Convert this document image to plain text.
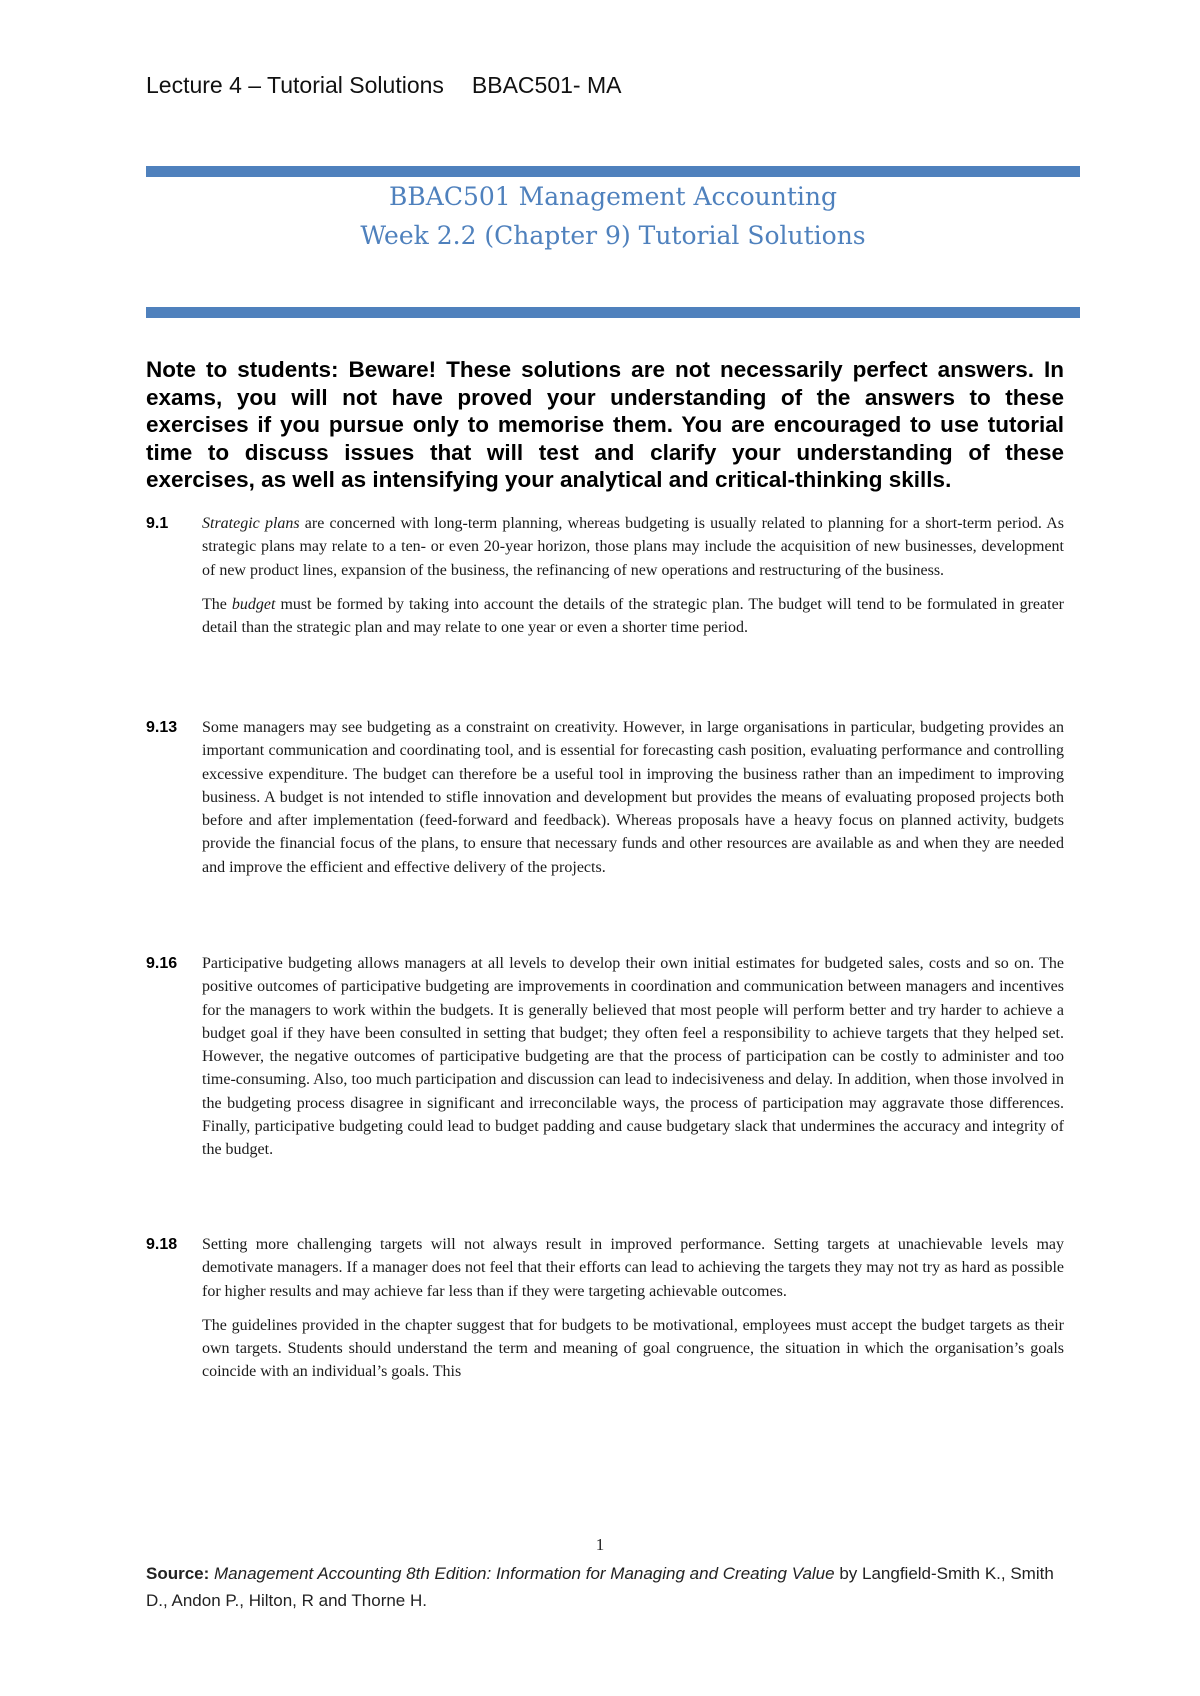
Lecture 4 – Tutorial Solutions BBAC501- MA
BBAC501 Management Accounting
Week 2.2 (Chapter 9) Tutorial Solutions
Note to students: Beware! These solutions are not necessarily perfect answers. In exams, you will not have proved your understanding of the answers to these exercises if you pursue only to memorise them. You are encouraged to use tutorial time to discuss issues that will test and clarify your understanding of these exercises, as well as intensifying your analytical and critical-thinking skills.
9.1 Strategic plans are concerned with long-term planning, whereas budgeting is usually related to planning for a short-term period. As strategic plans may relate to a ten- or even 20-year horizon, those plans may include the acquisition of new businesses, development of new product lines, expansion of the business, the refinancing of new operations and restructuring of the business.

The budget must be formed by taking into account the details of the strategic plan. The budget will tend to be formulated in greater detail than the strategic plan and may relate to one year or even a shorter time period.

9.13 Some managers may see budgeting as a constraint on creativity. However, in large organisations in particular, budgeting provides an important communication and coordinating tool, and is essential for forecasting cash position, evaluating performance and controlling excessive expenditure. The budget can therefore be a useful tool in improving the business rather than an impediment to improving business. A budget is not intended to stifle innovation and development but provides the means of evaluating proposed projects both before and after implementation (feed-forward and feedback). Whereas proposals have a heavy focus on planned activity, budgets provide the financial focus of the plans, to ensure that necessary funds and other resources are available as and when they are needed and improve the efficient and effective delivery of the projects.

9.16 Participative budgeting allows managers at all levels to develop their own initial estimates for budgeted sales, costs and so on. The positive outcomes of participative budgeting are improvements in coordination and communication between managers and incentives for the managers to work within the budgets. It is generally believed that most people will perform better and try harder to achieve a budget goal if they have been consulted in setting that budget; they often feel a responsibility to achieve targets that they helped set. However, the negative outcomes of participative budgeting are that the process of participation can be costly to administer and too time-consuming. Also, too much participation and discussion can lead to indecisiveness and delay. In addition, when those involved in the budgeting process disagree in significant and irreconcilable ways, the process of participation may aggravate those differences. Finally, participative budgeting could lead to budget padding and cause budgetary slack that undermines the accuracy and integrity of the budget.

9.18 Setting more challenging targets will not always result in improved performance. Setting targets at unachievable levels may demotivate managers. If a manager does not feel that their efforts can lead to achieving the targets they may not try as hard as possible for higher results and may achieve far less than if they were targeting achievable outcomes.

The guidelines provided in the chapter suggest that for budgets to be motivational, employees must accept the budget targets as their own targets. Students should understand the term and meaning of goal congruence, the situation in which the organisation’s goals coincide with an individual’s goals. This

1
Source: Management Accounting 8th Edition: Information for Managing and Creating Value by Langfield-Smith K., Smith D., Andon P., Hilton, R and Thorne H.
